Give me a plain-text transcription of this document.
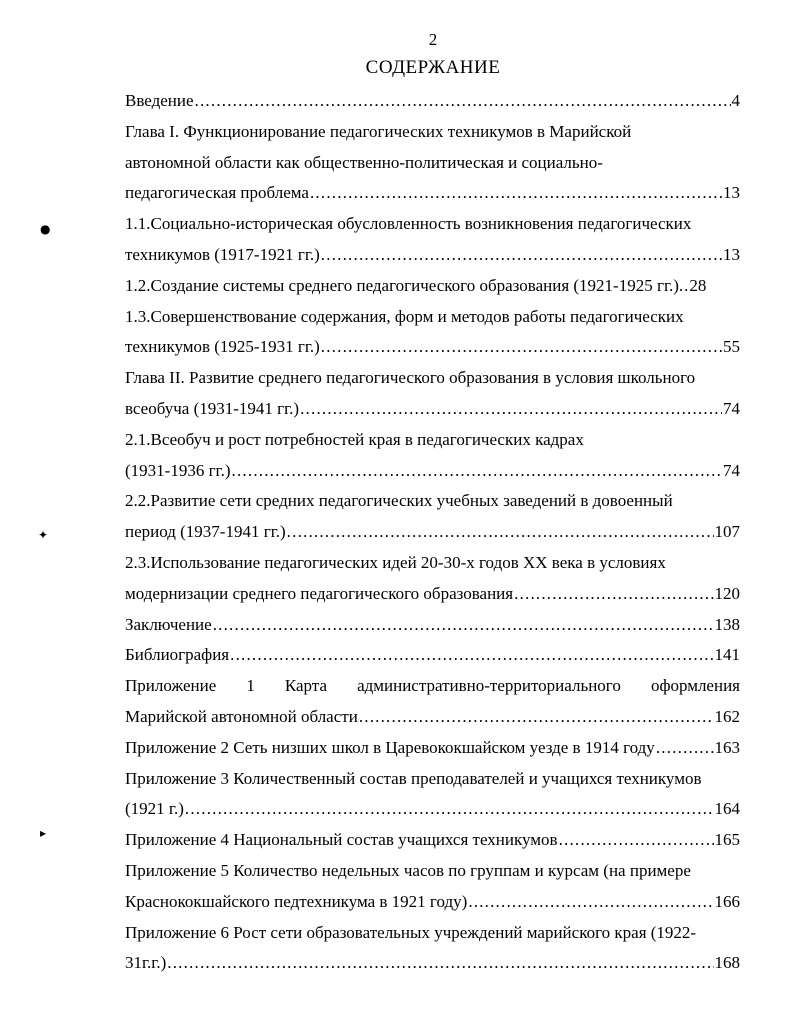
2
СОДЕРЖАНИЕ
●
✦
▸
Введение .....	4
Глава I. Функционирование педагогических техникумов в Марийской
автономной области как общественно-политическая и социально-
педагогическая проблема .....	13
1.1.Социально-историческая обусловленность возникновения педагогических
техникумов (1917-1921 гг.) .....	13
1.2.Создание системы среднего педагогического образования (1921-1925 гг.) .. 28
1.3.Совершенствование содержания, форм и методов работы педагогических
техникумов (1925-1931 гг.) .....	55
Глава II. Развитие среднего педагогического образования в условия школьного
всеобуча (1931-1941 гг.) .....	74
2.1.Всеобуч и рост потребностей края в педагогических кадрах
(1931-1936 гг.) .....	74
2.2.Развитие сети средних педагогических учебных заведений в довоенный
период (1937-1941 гг.) .....	107
2.3.Использование педагогических идей 20-30-х годов XX века в условиях
модернизации среднего педагогического образования .....	120
Заключение .....	138
Библиография .....	141
Приложение 1 Карта административно-территориального оформления
Марийской автономной области .....	162
Приложение 2 Сеть низших школ в Царевококшайском уезде в 1914 году .....	163
Приложение 3 Количественный состав преподавателей и учащихся техникумов
(1921 г.) .....	164
Приложение 4 Национальный состав учащихся техникумов .....	165
Приложение 5 Количество недельных часов по группам и курсам (на примере
Краснококшайского педтехникума в 1921 году) .....	166
Приложение 6 Рост сети образовательных учреждений марийского края (1922-
31г.г.) .....	168
